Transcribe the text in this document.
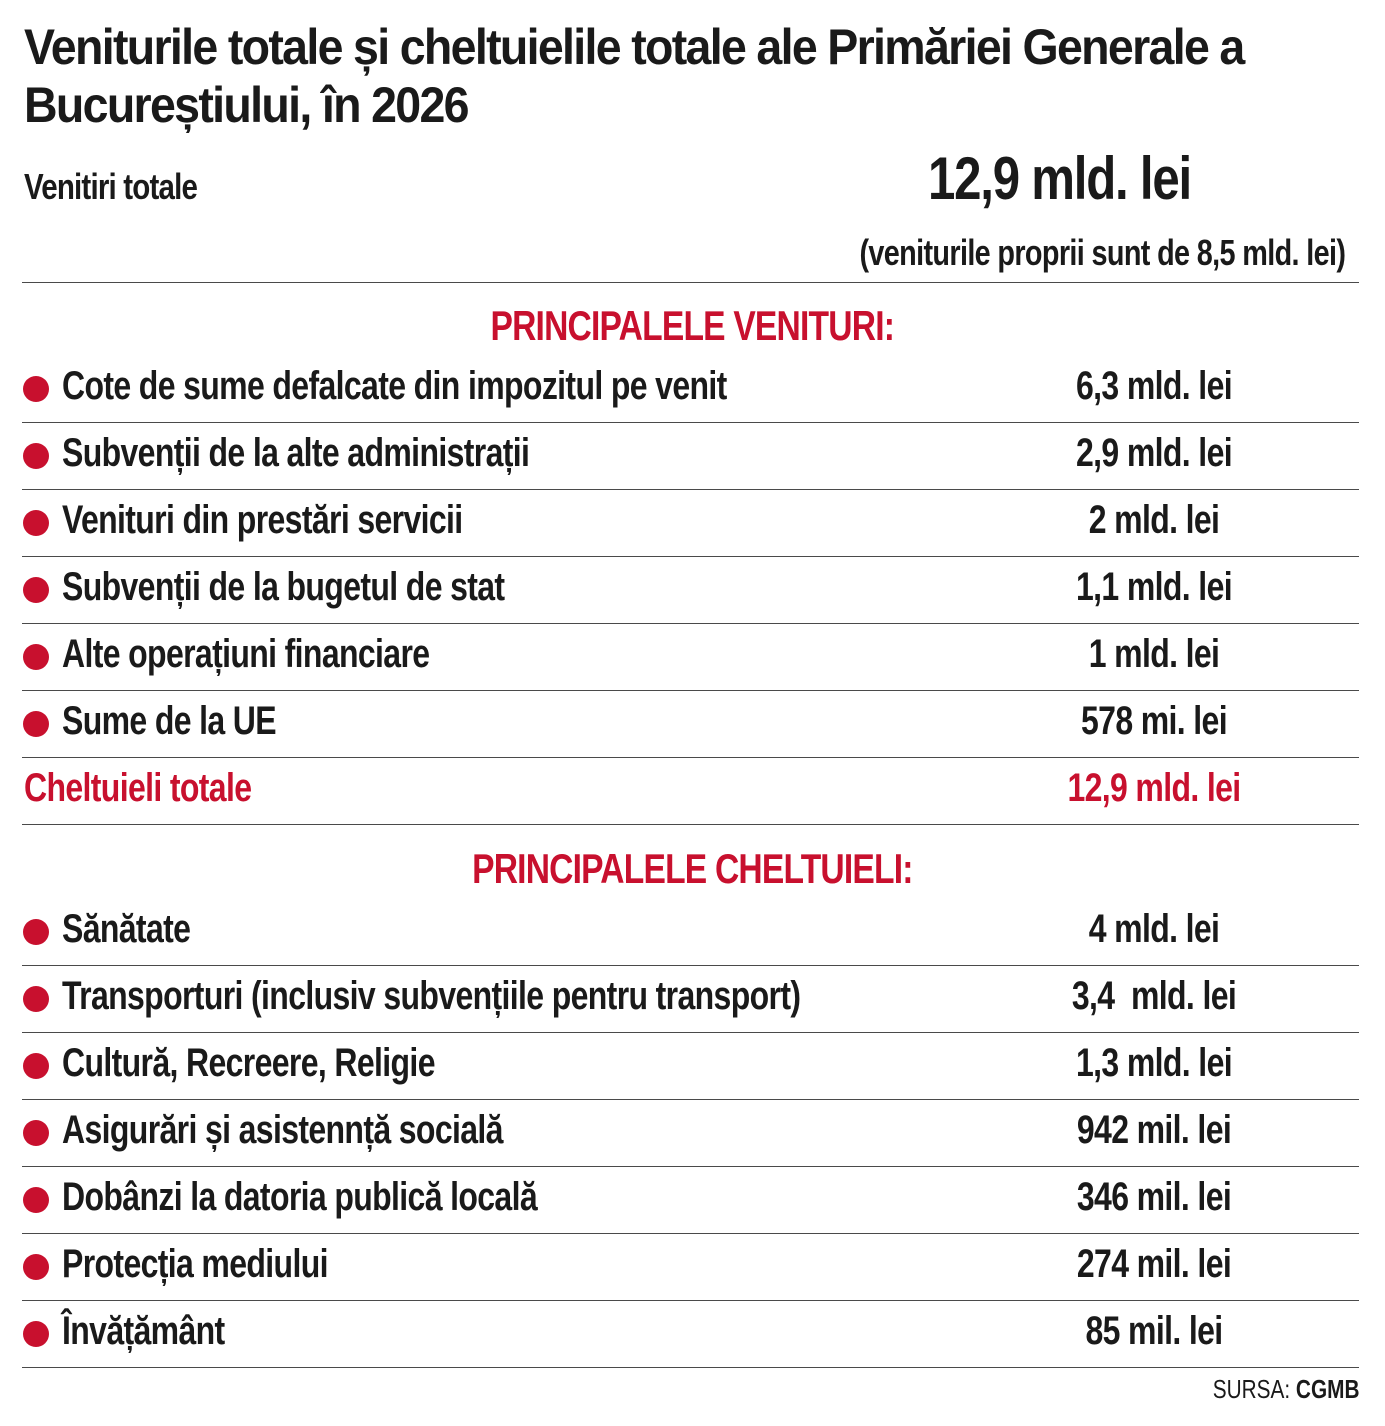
Veniturile totale și cheltuielile totale ale Primăriei Generale a Bucureștiului, în 2026
Venitiri totale	12,9 mld. lei
(veniturile proprii sunt de 8,5 mld. lei)
PRINCIPALELE VENITURI:
Cote de sume defalcate din impozitul pe venit	6,3 mld. lei
Subvenții de la alte administrații	2,9 mld. lei
Venituri din prestări servicii	2 mld. lei
Subvenții de la bugetul de stat	1,1 mld. lei
Alte operațiuni financiare	1 mld. lei
Sume de la UE	578 mi. lei
Cheltuieli totale	12,9 mld. lei
PRINCIPALELE CHELTUIELI:
Sănătate	4 mld. lei
Transporturi (inclusiv subvențiile pentru transport)	3,4  mld. lei
Cultură, Recreere, Religie	1,3 mld. lei
Asigurări și asistennță socială	942 mil. lei
Dobânzi la datoria publică locală	346 mil. lei
Protecția mediului	274 mil. lei
Învățământ	85 mil. lei
SURSA: CGMB
